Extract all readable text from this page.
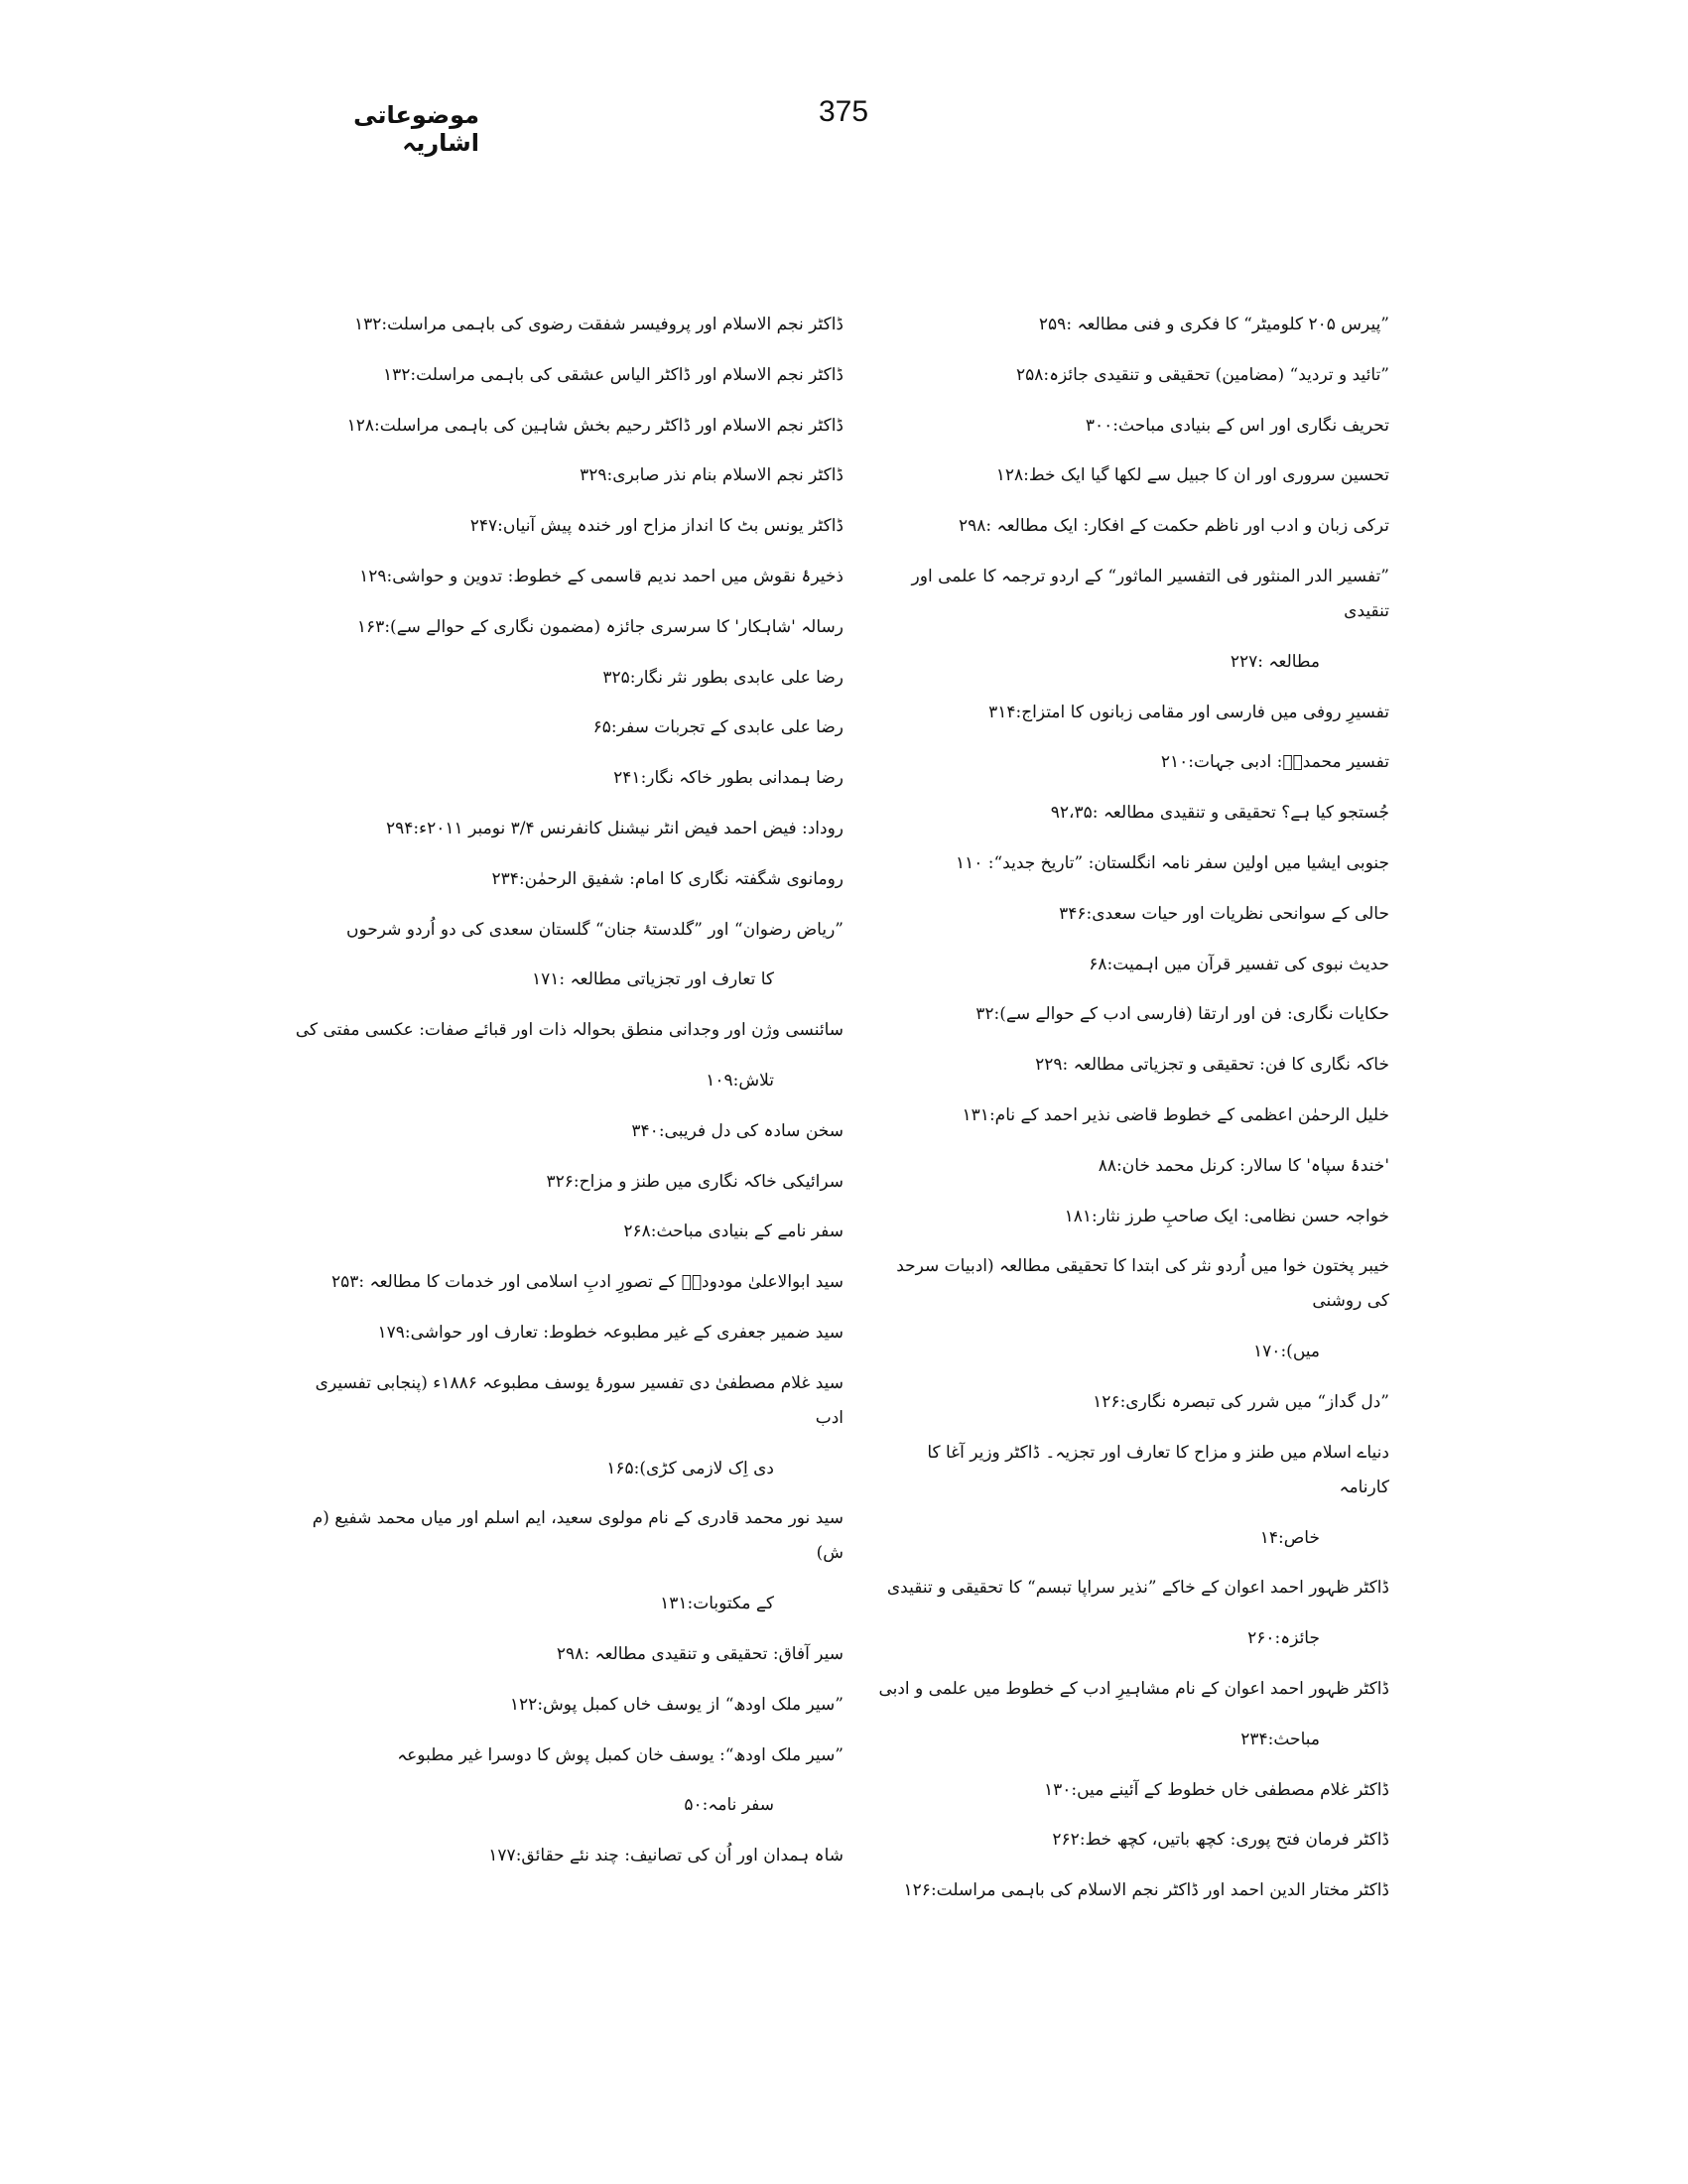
موضوعاتی اشاریہ
375
”پیرس ۲۰۵ کلومیٹر“ کا فکری و فنی مطالعہ :۲۵۹
”تائید و تردید“ (مضامین) تحقیقی و تنقیدی جائزہ:۲۵۸
تحریف نگاری اور اس کے بنیادی مباحث:۳۰۰
تحسین سروری اور ان کا جبیل سے لکھا گیا ایک خط:۱۲۸
ترکی زبان و ادب اور ناظم حکمت کے افکار: ایک مطالعہ :۲۹۸
”تفسیر الدر المنثور فی التفسیر الماثور“ کے اردو ترجمہ کا علمی اور تنقیدی
مطالعہ :۲۲۷
تفسیرِ روفی میں فارسی اور مقامی زبانوں کا امتزاج:۳۱۴
تفسیر محمدیؐ: ادبی جہات:۲۱۰
جُستجو کیا ہے؟ تحقیقی و تنقیدی مطالعہ :۹۲،۳۵
جنوبی ایشیا میں اولین سفر نامہ انگلستان: ”تاریخ جدید“: ۱۱۰
حالی کے سوانحی نظریات اور حیات سعدی:۳۴۶
حدیث نبوی کی تفسیر قرآن میں اہمیت:۶۸
حکایات نگاری: فن اور ارتقا (فارسی ادب کے حوالے سے):۳۲
خاکہ نگاری کا فن: تحقیقی و تجزیاتی مطالعہ :۲۲۹
خلیل الرحمٰن اعظمی کے خطوط قاضی نذیر احمد کے نام:۱۳۱
'خندۂ سپاہ' کا سالار: کرنل محمد خان:۸۸
خواجہ حسن نظامی: ایک صاحبِ طرز نثار:۱۸۱
خیبر پختون خوا میں اُردو نثر کی ابتدا کا تحقیقی مطالعہ (ادبیات سرحد کی روشنی
میں):۱۷۰
”دل گداز“ میں شرر کی تبصرہ نگاری:۱۲۶
دنیاے اسلام میں طنز و مزاح کا تعارف اور تجزیہ۔ ڈاکٹر وزیر آغا کا کارنامہ
خاص:۱۴
ڈاکٹر ظہور احمد اعوان کے خاکے ”نذیر سراپا تبسم“ کا تحقیقی و تنقیدی
جائزہ:۲۶۰
ڈاکٹر ظہور احمد اعوان کے نام مشاہیرِ ادب کے خطوط میں علمی و ادبی
مباحث:۲۳۴
ڈاکٹر غلام مصطفی خاں خطوط کے آئینے میں:۱۳۰
ڈاکٹر فرمان فتح پوری: کچھ باتیں، کچھ خط:۲۶۲
ڈاکٹر مختار الدین احمد اور ڈاکٹر نجم الاسلام کی باہمی مراسلت:۱۲۶
ڈاکٹر نجم الاسلام اور پروفیسر شفقت رضوی کی باہمی مراسلت:۱۳۲
ڈاکٹر نجم الاسلام اور ڈاکٹر الیاس عشقی کی باہمی مراسلت:۱۳۲
ڈاکٹر نجم الاسلام اور ڈاکٹر رحیم بخش شاہین کی باہمی مراسلت:۱۲۸
ڈاکٹر نجم الاسلام بنام نذر صابری:۳۲۹
ڈاکٹر یونس بٹ کا انداز مزاح اور خندہ پیش آنیاں:۲۴۷
ذخیرۂ نقوش میں احمد ندیم قاسمی کے خطوط: تدوین و حواشی:۱۲۹
رسالہ 'شاہکار' کا سرسری جائزہ (مضمون نگاری کے حوالے سے):۱۶۳
رضا علی عابدی بطور نثر نگار:۳۲۵
رضا علی عابدی کے تجربات سفر:۶۵
رضا ہمدانی بطور خاکہ نگار:۲۴۱
روداد: فیض احمد فیض انٹر نیشنل کانفرنس ۳/۴ نومبر ۲۰۱۱ء:۲۹۴
رومانوی شگفتہ نگاری کا امام: شفیق الرحمٰن:۲۳۴
”ریاض رضوان“ اور ”گلدستۂ جنان“ گلستان سعدی کی دو اُردو شرحوں
کا تعارف اور تجزیاتی مطالعہ :۱۷۱
سائنسی وژن اور وجدانی منطق بحوالہ ذات اور قبائے صفات: عکسی مفتی کی
تلاش:۱۰۹
سخن سادہ کی دل فریبی:۳۴۰
سرائیکی خاکہ نگاری میں طنز و مزاح:۳۲۶
سفر نامے کے بنیادی مباحث:۲۶۸
سید ابوالاعلیٰ مودودیؒ کے تصورِ ادبِ اسلامی اور خدمات کا مطالعہ :۲۵۳
سید ضمیر جعفری کے غیر مطبوعہ خطوط: تعارف اور حواشی:۱۷۹
سید غلام مصطفیٰ دی تفسیر سورۂ یوسف مطبوعہ ۱۸۸۶ء (پنجابی تفسیری ادب
دی اِک لازمی کڑی):۱۶۵
سید نور محمد قادری کے نام مولوی سعید، ایم اسلم اور میاں محمد شفیع (م ش)
کے مکتوبات:۱۳۱
سیر آفاق: تحقیقی و تنقیدی مطالعہ :۲۹۸
”سیر ملک اودھ“ از یوسف خاں کمبل پوش:۱۲۲
”سیر ملک اودھ“: یوسف خان کمبل پوش کا دوسرا غیر مطبوعہ
سفر نامہ:۵۰
شاہ ہمدان اور اُن کی تصانیف: چند نئے حقائق:۱۷۷
